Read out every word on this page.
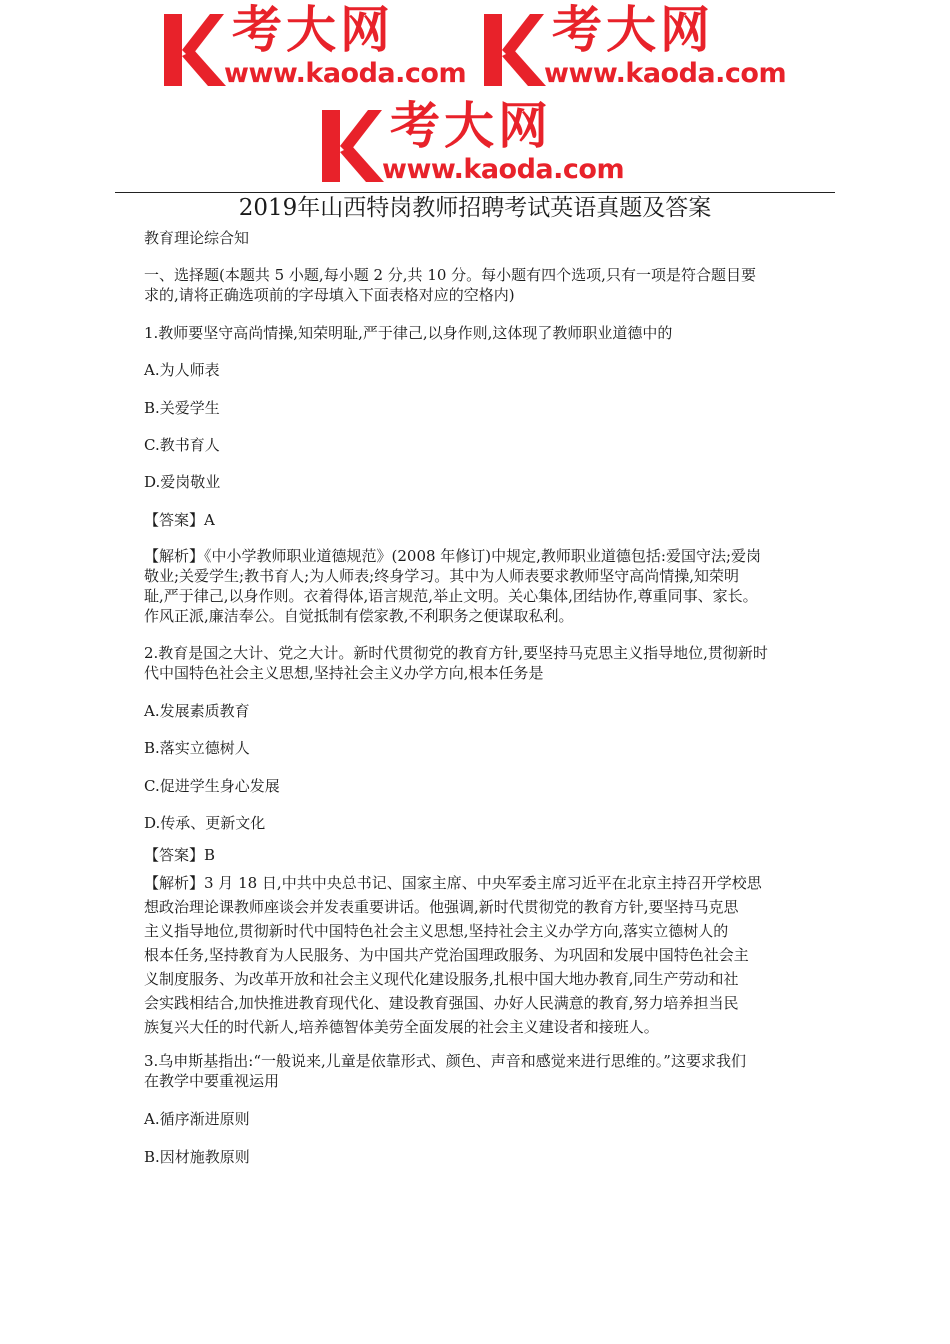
考大网
www.kaoda.com
考大网
www.kaoda.com
考大网
www.kaoda.com
2019年山西特岗教师招聘考试英语真题及答案
教育理论综合知
一、选择题(本题共 5 小题,每小题 2 分,共 10 分。每小题有四个选项,只有一项是符合题目要
求的,请将正确选项前的字母填入下面表格对应的空格内)
1.教师要坚守高尚情操,知荣明耻,严于律己,以身作则,这体现了教师职业道德中的
A.为人师表
B.关爱学生
C.教书育人
D.爱岗敬业
【答案】A
【解析】《中小学教师职业道德规范》(2008 年修订)中规定,教师职业道德包括:爱国守法;爱岗
敬业;关爱学生;教书育人;为人师表;终身学习。其中为人师表要求教师坚守高尚情操,知荣明
耻,严于律己,以身作则。衣着得体,语言规范,举止文明。关心集体,团结协作,尊重同事、家长。
作风正派,廉洁奉公。自觉抵制有偿家教,不利职务之便谋取私利。
2.教育是国之大计、党之大计。新时代贯彻党的教育方针,要坚持马克思主义指导地位,贯彻新时
代中国特色社会主义思想,坚持社会主义办学方向,根本任务是
A.发展素质教育
B.落实立德树人
C.促进学生身心发展
D.传承、更新文化
【答案】B
【解析】3 月 18 日,中共中央总书记、国家主席、中央军委主席习近平在北京主持召开学校思
想政治理论课教师座谈会并发表重要讲话。他强调,新时代贯彻党的教育方针,要坚持马克思
主义指导地位,贯彻新时代中国特色社会主义思想,坚持社会主义办学方向,落实立德树人的
根本任务,坚持教育为人民服务、为中国共产党治国理政服务、为巩固和发展中国特色社会主
义制度服务、为改革开放和社会主义现代化建设服务,扎根中国大地办教育,同生产劳动和社
会实践相结合,加快推进教育现代化、建设教育强国、办好人民满意的教育,努力培养担当民
族复兴大任的时代新人,培养德智体美劳全面发展的社会主义建设者和接班人。
3.乌申斯基指出:“一般说来,儿童是依靠形式、颜色、声音和感觉来进行思维的。”这要求我们
在教学中要重视运用
A.循序渐进原则
B.因材施教原则
